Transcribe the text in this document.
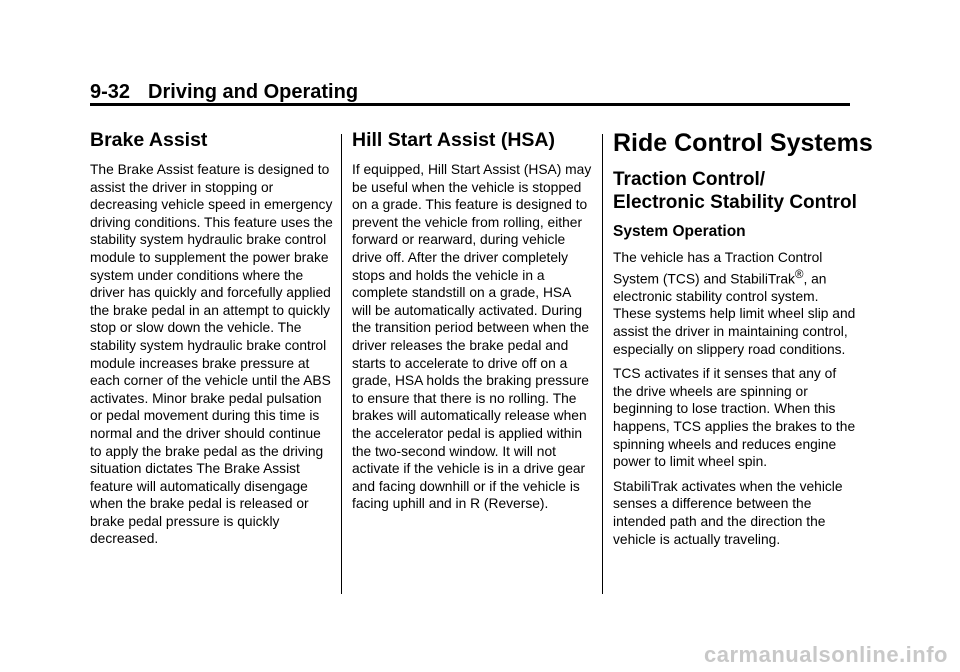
9-32 Driving and Operating
Brake Assist

The Brake Assist feature is designed to assist the driver in stopping or decreasing vehicle speed in emergency driving conditions. This feature uses the stability system hydraulic brake control module to supplement the power brake system under conditions where the driver has quickly and forcefully applied the brake pedal in an attempt to quickly stop or slow down the vehicle. The stability system hydraulic brake control module increases brake pressure at each corner of the vehicle until the ABS activates. Minor brake pedal pulsation or pedal movement during this time is normal and the driver should continue to apply the brake pedal as the driving situation dictates The Brake Assist feature will automatically disengage when the brake pedal is released or brake pedal pressure is quickly decreased.

Hill Start Assist (HSA)

If equipped, Hill Start Assist (HSA) may be useful when the vehicle is stopped on a grade. This feature is designed to prevent the vehicle from rolling, either forward or rearward, during vehicle drive off. After the driver completely stops and holds the vehicle in a complete standstill on a grade, HSA will be automatically activated. During the transition period between when the driver releases the brake pedal and starts to accelerate to drive off on a grade, HSA holds the braking pressure to ensure that there is no rolling. The brakes will automatically release when the accelerator pedal is applied within the two-second window. It will not activate if the vehicle is in a drive gear and facing downhill or if the vehicle is facing uphill and in R (Reverse).

Ride Control Systems
Traction Control/ Electronic Stability Control
System Operation

The vehicle has a Traction Control System (TCS) and StabiliTrak®, an electronic stability control system. These systems help limit wheel slip and assist the driver in maintaining control, especially on slippery road conditions.

TCS activates if it senses that any of the drive wheels are spinning or beginning to lose traction. When this happens, TCS applies the brakes to the spinning wheels and reduces engine power to limit wheel spin.

StabiliTrak activates when the vehicle senses a difference between the intended path and the direction the vehicle is actually traveling.

carmanualsonline.info
